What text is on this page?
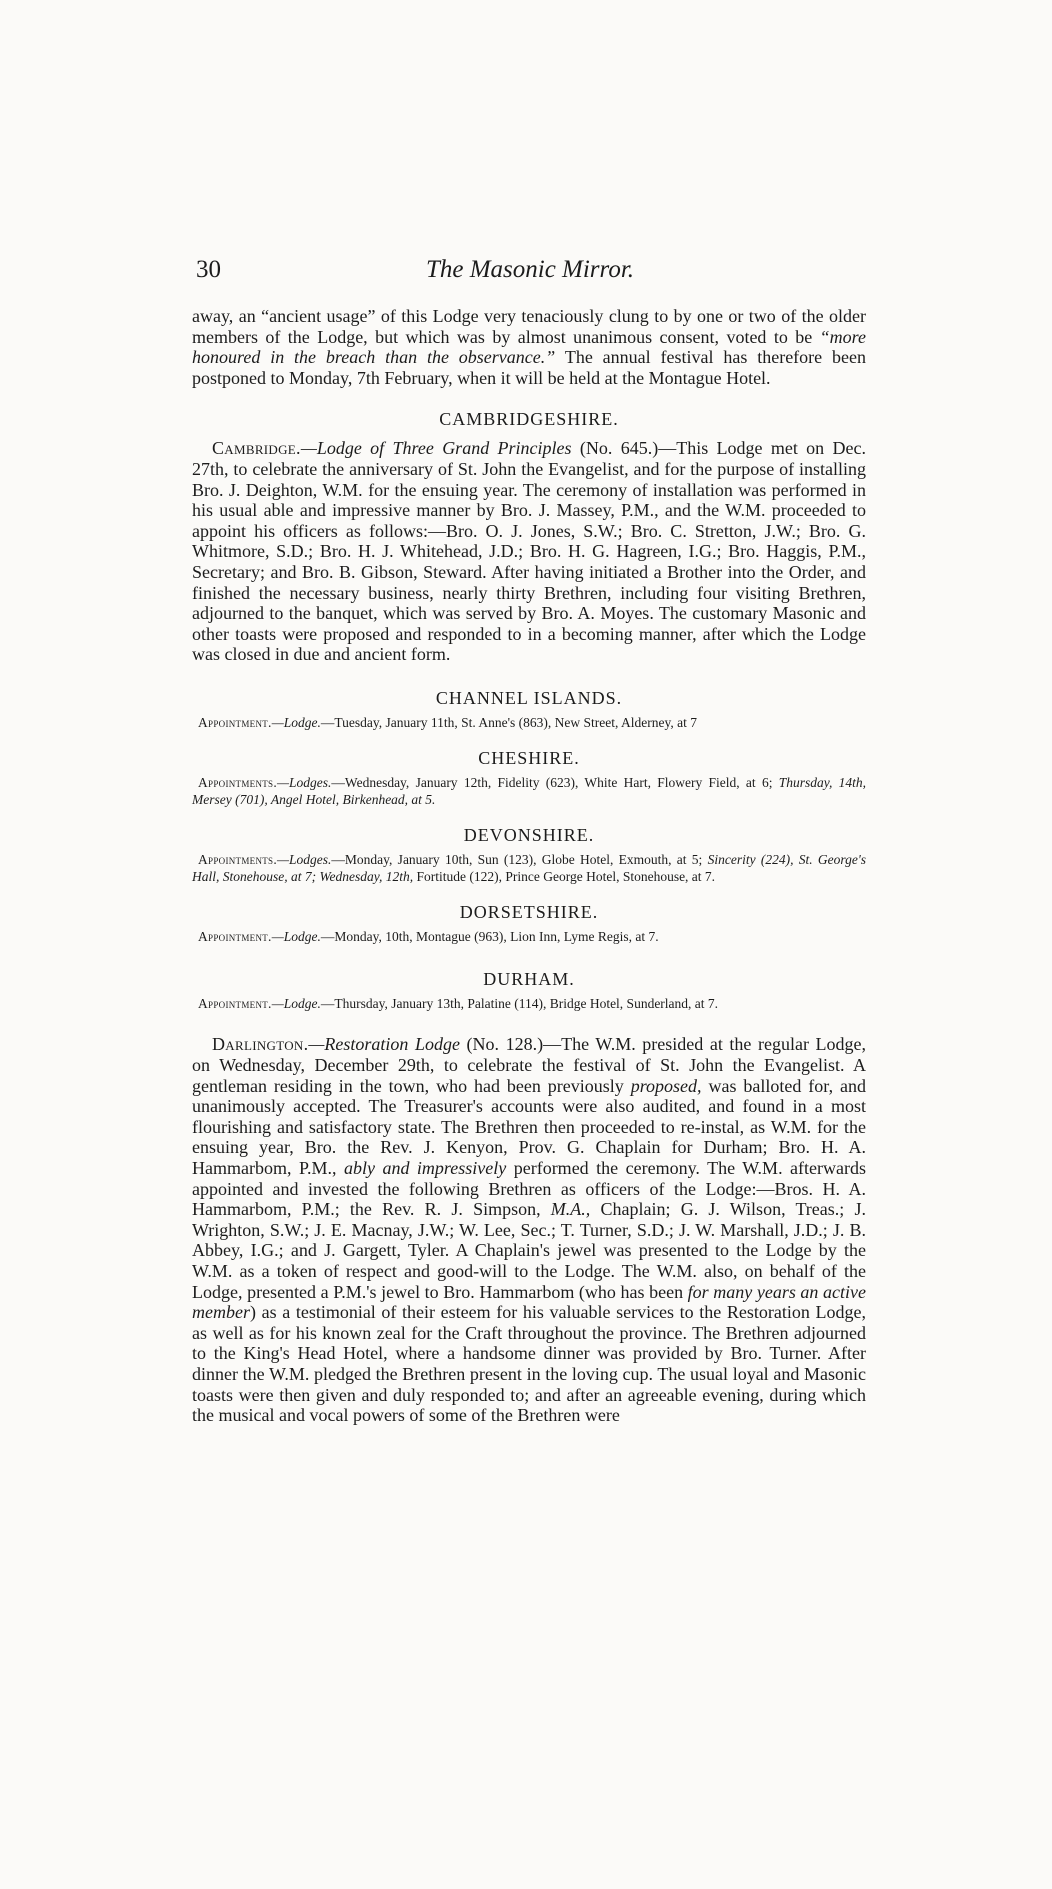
30	The Masonic Mirror.

away, an “ancient usage” of this Lodge very tenaciously clung to by one or two of the older members of the Lodge, but which was by almost unanimous consent, voted to be “more honoured in the breach than the observance.” The annual festival has therefore been postponed to Monday, 7th February, when it will be held at the Montague Hotel.

CAMBRIDGESHIRE.

Cambridge.—Lodge of Three Grand Principles (No. 645.)—This Lodge met on Dec. 27th, to celebrate the anniversary of St. John the Evangelist, and for the purpose of installing Bro. J. Deighton, W.M. for the ensuing year. The ceremony of installation was performed in his usual able and impressive manner by Bro. J. Massey, P.M., and the W.M. proceeded to appoint his officers as follows:—Bro. O. J. Jones, S.W.; Bro. C. Stretton, J.W.; Bro. G. Whitmore, S.D.; Bro. H. J. Whitehead, J.D.; Bro. H. G. Hagreen, I.G.; Bro. Haggis, P.M., Secretary; and Bro. B. Gibson, Steward. After having initiated a Brother into the Order, and finished the necessary business, nearly thirty Brethren, including four visiting Brethren, adjourned to the banquet, which was served by Bro. A. Moyes. The customary Masonic and other toasts were proposed and responded to in a becoming manner, after which the Lodge was closed in due and ancient form.

CHANNEL ISLANDS.

Appointment.—Lodge.—Tuesday, January 11th, St. Anne's (863), New Street, Alderney, at 7

CHESHIRE.

Appointments.—Lodges.—Wednesday, January 12th, Fidelity (623), White Hart, Flowery Field, at 6; Thursday, 14th, Mersey (701), Angel Hotel, Birkenhead, at 5.

DEVONSHIRE.

Appointments.—Lodges.—Monday, January 10th, Sun (123), Globe Hotel, Exmouth, at 5; Sincerity (224), St. George's Hall, Stonehouse, at 7; Wednesday, 12th, Fortitude (122), Prince George Hotel, Stonehouse, at 7.

DORSETSHIRE.

Appointment.—Lodge.—Monday, 10th, Montague (963), Lion Inn, Lyme Regis, at 7.

DURHAM.

Appointment.—Lodge.—Thursday, January 13th, Palatine (114), Bridge Hotel, Sunderland, at 7.

Darlington.—Restoration Lodge (No. 128.)—The W.M. presided at the regular Lodge, on Wednesday, December 29th, to celebrate the festival of St. John the Evangelist. A gentleman residing in the town, who had been previously proposed, was balloted for, and unanimously accepted. The Treasurer's accounts were also audited, and found in a most flourishing and satisfactory state. The Brethren then proceeded to re-instal, as W.M. for the ensuing year, Bro. the Rev. J. Kenyon, Prov. G. Chaplain for Durham; Bro. H. A. Hammarbom, P.M., ably and impressively performed the ceremony. The W.M. afterwards appointed and invested the following Brethren as officers of the Lodge:—Bros. H. A. Hammarbom, P.M.; the Rev. R. J. Simpson, M.A., Chaplain; G. J. Wilson, Treas.; J. Wrighton, S.W.; J. E. Macnay, J.W.; W. Lee, Sec.; T. Turner, S.D.; J. W. Marshall, J.D.; J. B. Abbey, I.G.; and J. Gargett, Tyler. A Chaplain's jewel was presented to the Lodge by the W.M. as a token of respect and good-will to the Lodge. The W.M. also, on behalf of the Lodge, presented a P.M.'s jewel to Bro. Hammarbom (who has been for many years an active member) as a testimonial of their esteem for his valuable services to the Restoration Lodge, as well as for his known zeal for the Craft throughout the province. The Brethren adjourned to the King's Head Hotel, where a handsome dinner was provided by Bro. Turner. After dinner the W.M. pledged the Brethren present in the loving cup. The usual loyal and Masonic toasts were then given and duly responded to; and after an agreeable evening, during which the musical and vocal powers of some of the Brethren were
